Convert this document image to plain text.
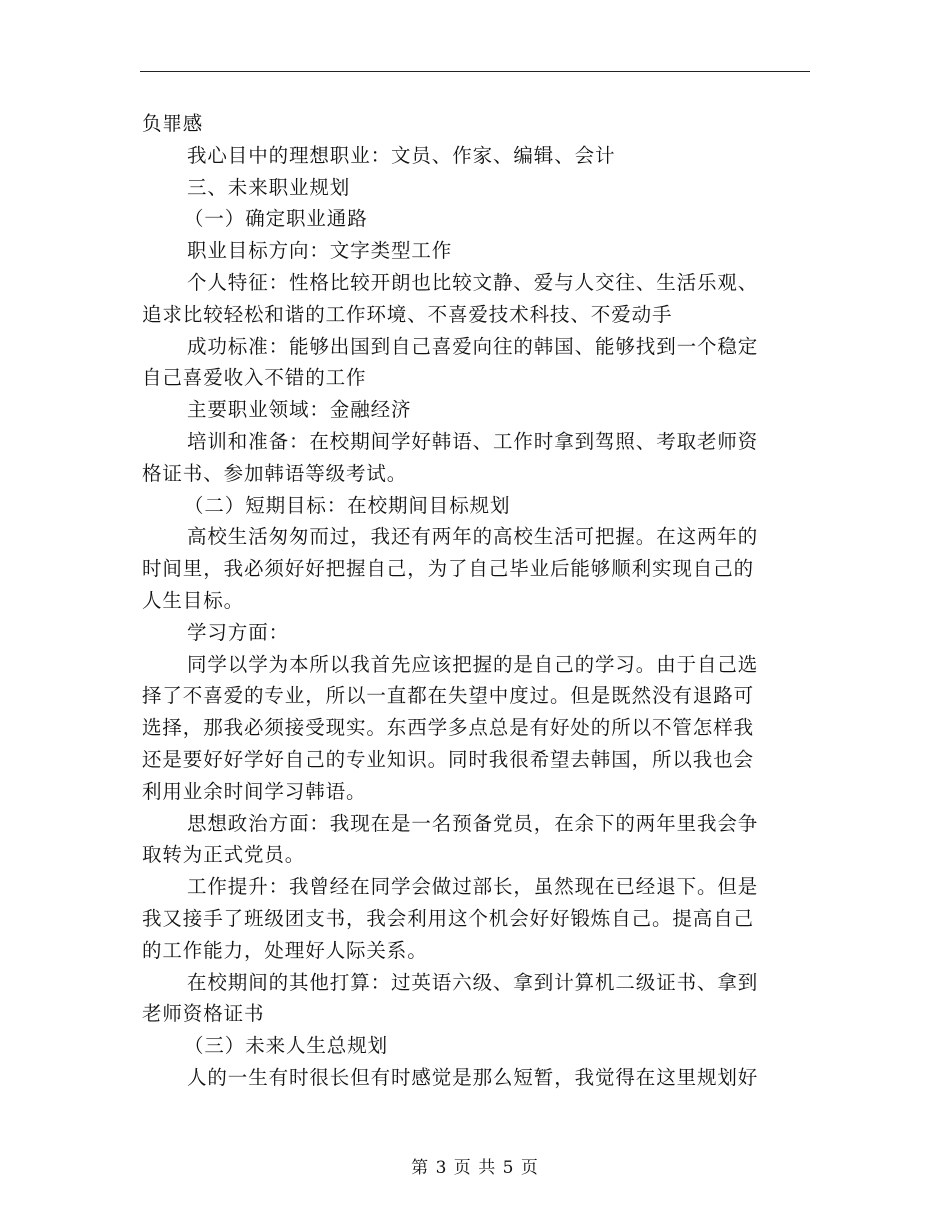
负罪感
我心目中的理想职业：文员、作家、编辑、会计
三、未来职业规划
（一）确定职业通路
职业目标方向：文字类型工作
个人特征：性格比较开朗也比较文静、爱与人交往、生活乐观、
追求比较轻松和谐的工作环境、不喜爱技术科技、不爱动手
成功标准：能够出国到自己喜爱向往的韩国、能够找到一个稳定
自己喜爱收入不错的工作
主要职业领域：金融经济
培训和准备：在校期间学好韩语、工作时拿到驾照、考取老师资
格证书、参加韩语等级考试。
（二）短期目标：在校期间目标规划
高校生活匆匆而过，我还有两年的高校生活可把握。在这两年的
时间里，我必须好好把握自己，为了自己毕业后能够顺利实现自己的
人生目标。
学习方面：
同学以学为本所以我首先应该把握的是自己的学习。由于自己选
择了不喜爱的专业，所以一直都在失望中度过。但是既然没有退路可
选择，那我必须接受现实。东西学多点总是有好处的所以不管怎样我
还是要好好学好自己的专业知识。同时我很希望去韩国，所以我也会
利用业余时间学习韩语。
思想政治方面：我现在是一名预备党员，在余下的两年里我会争
取转为正式党员。
工作提升：我曾经在同学会做过部长，虽然现在已经退下。但是
我又接手了班级团支书，我会利用这个机会好好锻炼自己。提高自己
的工作能力，处理好人际关系。
在校期间的其他打算：过英语六级、拿到计算机二级证书、拿到
老师资格证书
（三）未来人生总规划
人的一生有时很长但有时感觉是那么短暂，我觉得在这里规划好
第 3 页 共 5 页
